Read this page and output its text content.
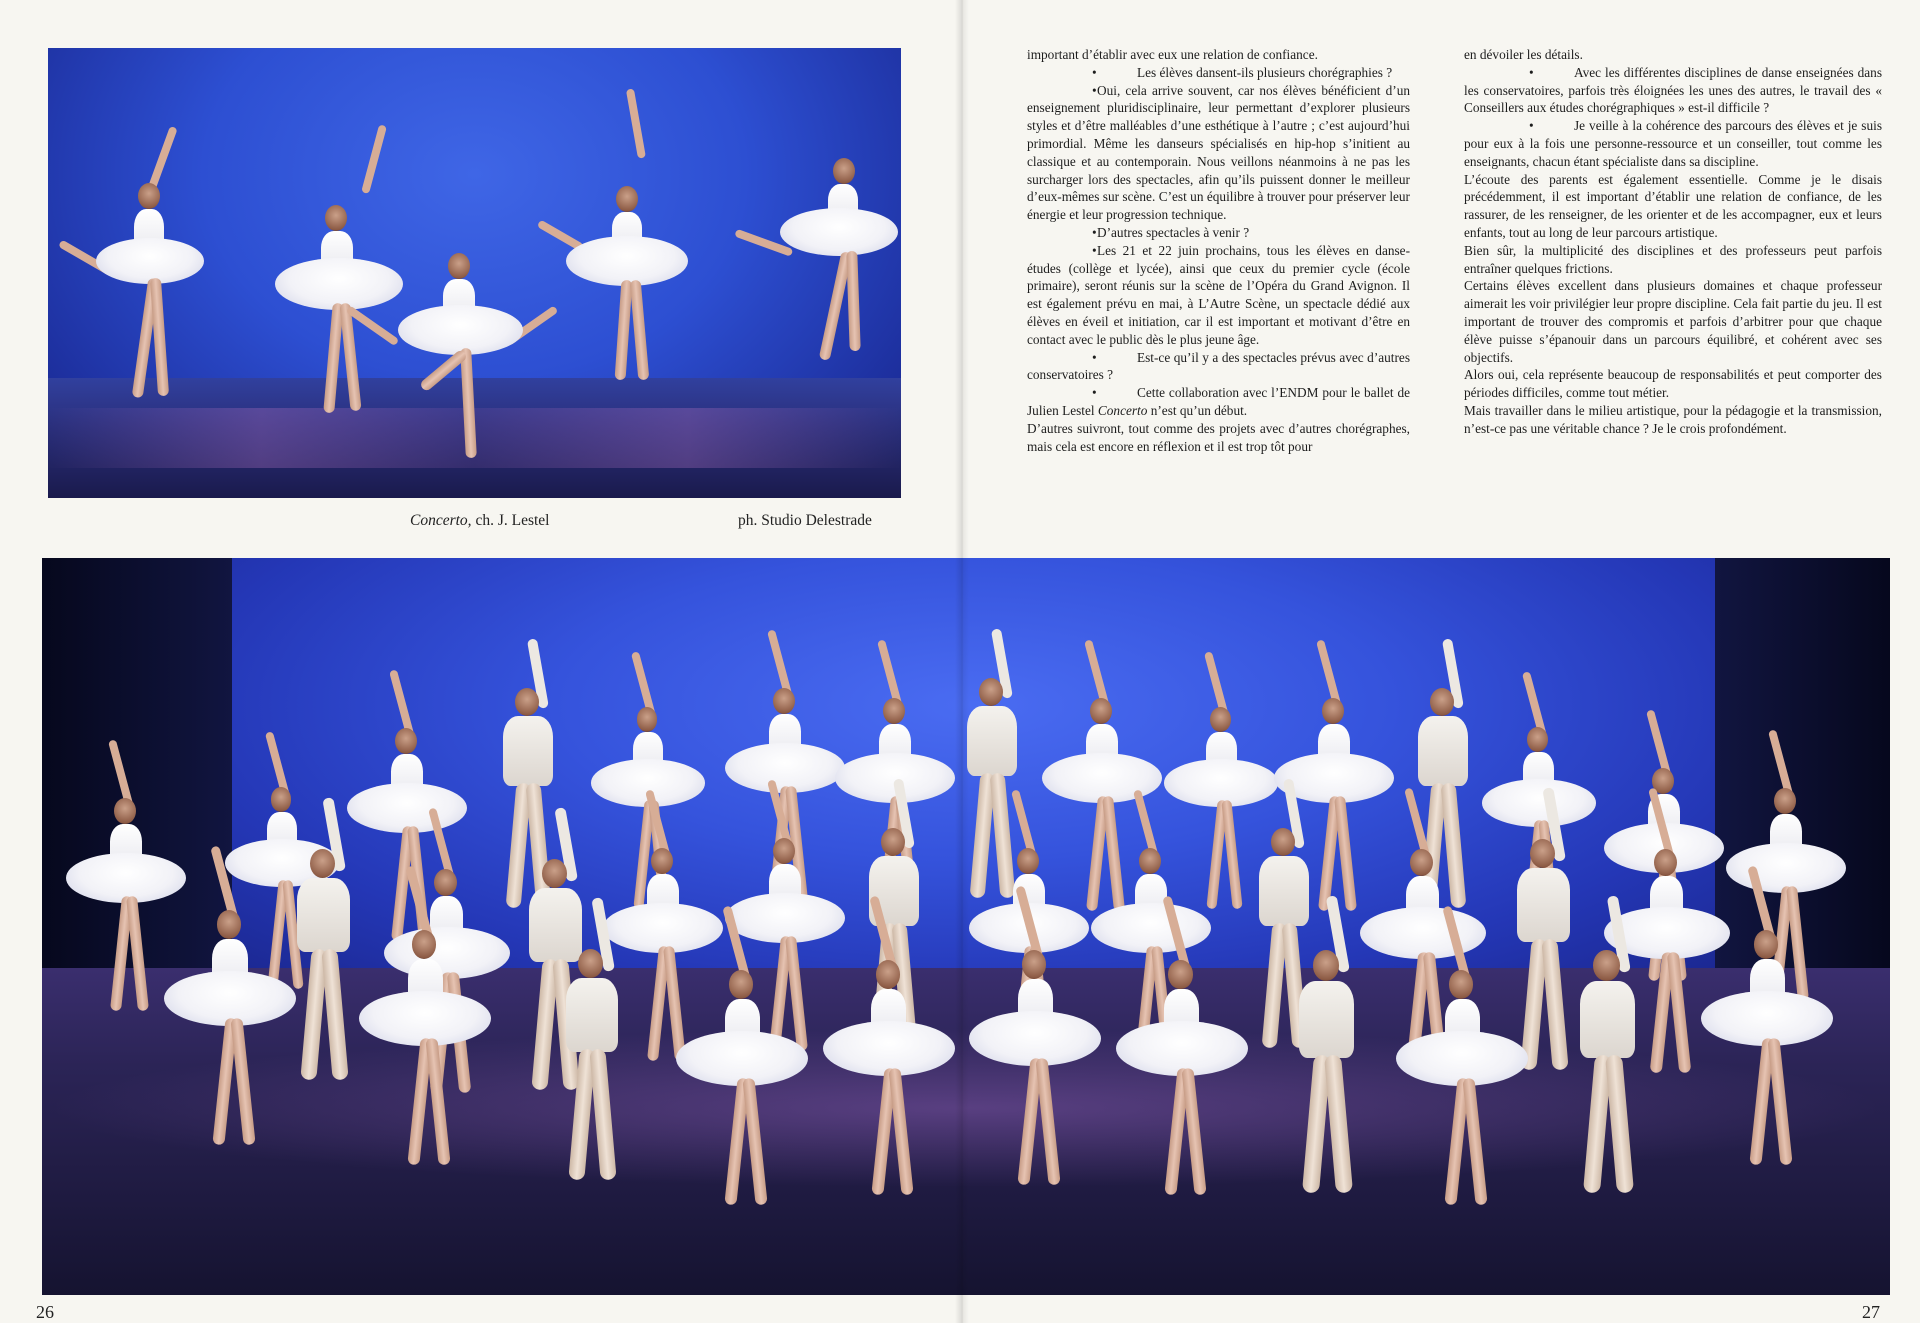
Concerto, ch. J. Lestel	ph. Studio Delestrade

important d’établir avec eux une relation de confiance.

•	Les élèves dansent-ils plusieurs chorégraphies ?

•Oui, cela arrive souvent, car nos élèves bénéficient d’un enseignement pluridisciplinaire, leur permettant d’explorer plusieurs styles et d’être malléables d’une esthétique à l’autre ; c’est aujourd’hui primordial. Même les danseurs spécialisés en hip-hop s’initient au classique et au contemporain. Nous veillons néanmoins à ne pas les surcharger lors des spectacles, afin qu’ils puissent donner le meilleur d’eux-mêmes sur scène. C’est un équilibre à trouver pour préserver leur énergie et leur progression technique.

•D’autres spectacles à venir ?

•Les 21 et 22 juin prochains, tous les élèves en danse-études (collège et lycée), ainsi que ceux du premier cycle (école primaire), seront réunis sur la scène de l’Opéra du Grand Avignon. Il est également prévu en mai, à L’Autre Scène, un spectacle dédié aux élèves en éveil et initiation, car il est important et motivant d’être en contact avec le public dès le plus jeune âge.

•	Est-ce qu’il y a des spectacles prévus avec d’autres conservatoires ?

•	Cette collaboration avec l’ENDM pour le ballet de Julien Lestel Concerto n’est qu’un début.

D’autres suivront, tout comme des projets avec d’autres chorégraphes, mais cela est encore en réflexion et il est trop tôt pour

en dévoiler les détails.

•	Avec les différentes disciplines de danse enseignées dans les conservatoires, parfois très éloignées les unes des autres, le travail des « Conseillers aux études chorégraphiques » est-il difficile ?

•	Je veille à la cohérence des parcours des élèves et je suis pour eux à la fois une personne-ressource et un conseiller, tout comme les enseignants, chacun étant spécialiste dans sa discipline.

L’écoute des parents est également essentielle. Comme je le disais précédemment, il est important d’établir une relation de confiance, de les rassurer, de les renseigner, de les orienter et de les accompagner, eux et leurs enfants, tout au long de leur parcours artistique.

Bien sûr, la multiplicité des disciplines et des professeurs peut parfois entraîner quelques frictions.

Certains élèves excellent dans plusieurs domaines et chaque professeur aimerait les voir privilégier leur propre discipline. Cela fait partie du jeu. Il est important de trouver des compromis et parfois d’arbitrer pour que chaque élève puisse s’épanouir dans un parcours équilibré, et cohérent avec ses objectifs.

Alors oui, cela représente beaucoup de responsabilités et peut comporter des périodes difficiles, comme tout métier.

Mais travailler dans le milieu artistique, pour la pédagogie et la transmission, n’est-ce pas une véritable chance ? Je le crois profondément.

26	27
